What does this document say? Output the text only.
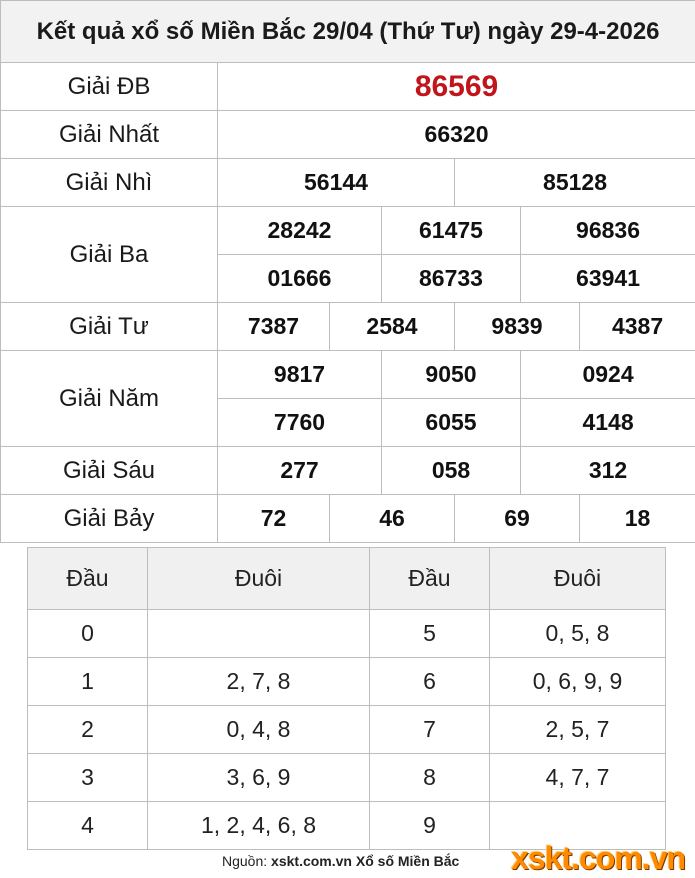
Kết quả xổ số Miền Bắc 29/04 (Thứ Tư) ngày 29-4-2026						
Giải ĐB	86569					
Giải Nhất	66320					
Giải Nhì	56144			85128		
Giải Ba	28242		61475		96836	
	01666		86733		63941	
Giải Tư	7387	2584		9839		4387
Giải Năm	9817		9050		0924	
	7760		6055		4148	
Giải Sáu	277		058		312	
Giải Bảy	72	46		69		18
Đầu	Đuôi	Đầu	Đuôi
0		5	0, 5, 8
1	2, 7, 8	6	0, 6, 9, 9
2	0, 4, 8	7	2, 5, 7
3	3, 6, 9	8	4, 7, 7
4	1, 2, 4, 6, 8	9	
Nguồn: xskt.com.vn Xổ số Miền Bắc xskt.com.vn
